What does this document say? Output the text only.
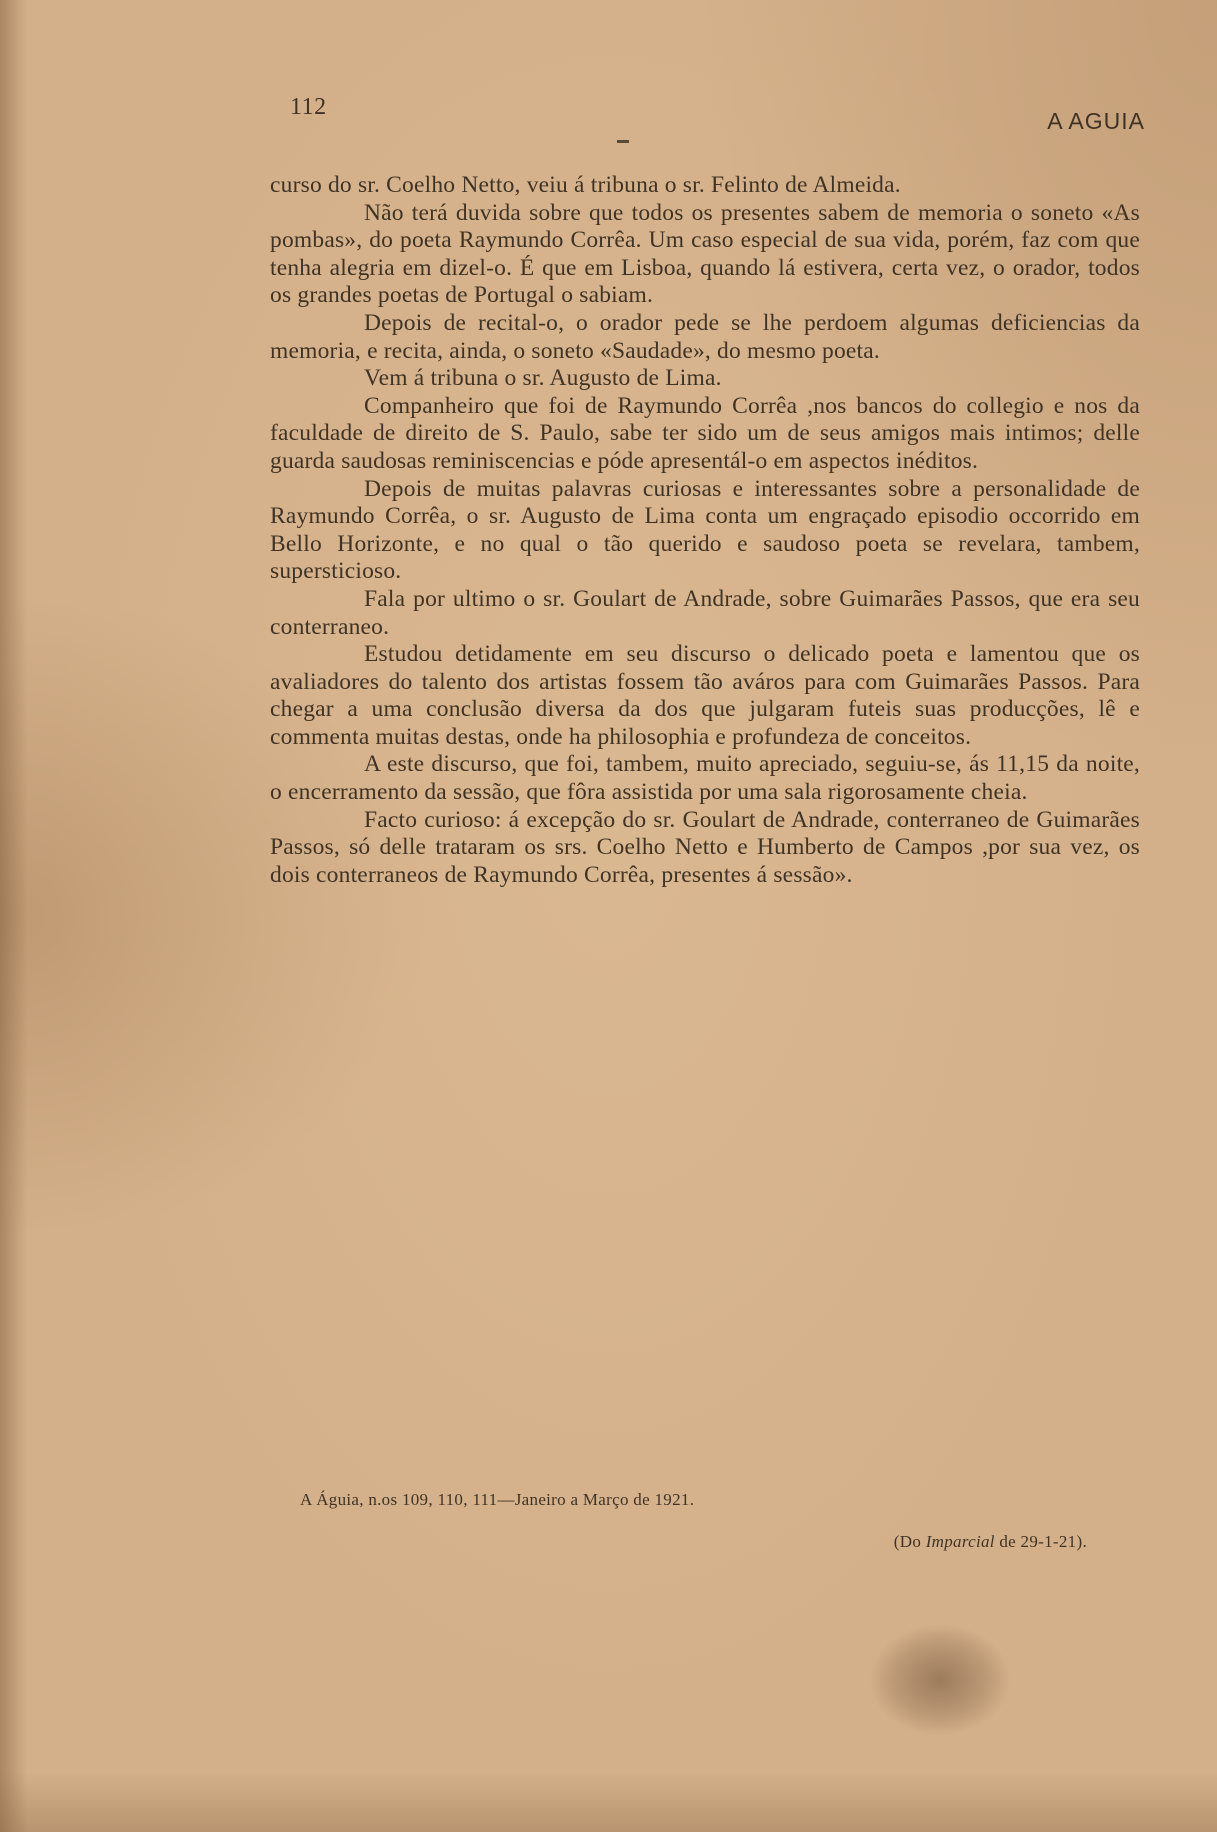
112
A AGUIA

curso do sr. Coelho Netto, veiu á tribuna o sr. Felinto de Almeida.

Não terá duvida sobre que todos os presentes sabem de memoria o soneto «As pombas», do poeta Raymundo Corrêa. Um caso especial de sua vida, porém, faz com que tenha alegria em dizel-o. É que em Lisboa, quando lá estivera, certa vez, o orador, todos os grandes poetas de Portugal o sabiam.

Depois de recital-o, o orador pede se lhe perdoem algumas deficiencias da memoria, e recita, ainda, o soneto «Saudade», do mesmo poeta.

Vem á tribuna o sr. Augusto de Lima.

Companheiro que foi de Raymundo Corrêa ,nos bancos do collegio e nos da faculdade de direito de S. Paulo, sabe ter sido um de seus amigos mais intimos; delle guarda saudosas reminiscencias e póde apresentál-o em aspectos inéditos.

Depois de muitas palavras curiosas e interessantes sobre a personalidade de Raymundo Corrêa, o sr. Augusto de Lima conta um engraçado episodio occorrido em Bello Horizonte, e no qual o tão querido e saudoso poeta se revelara, tambem, supersticioso.

Fala por ultimo o sr. Goulart de Andrade, sobre Guimarães Passos, que era seu conterraneo.

Estudou detidamente em seu discurso o delicado poeta e lamentou que os avaliadores do talento dos artistas fossem tão aváros para com Guimarães Passos. Para chegar a uma conclusão diversa da dos que julgaram futeis suas producções, lê e commenta muitas destas, onde ha philosophia e profundeza de conceitos.

A este discurso, que foi, tambem, muito apreciado, seguiu-se, ás 11,15 da noite, o encerramento da sessão, que fôra assistida por uma sala rigorosamente cheia.

Facto curioso: á excepção do sr. Goulart de Andrade, conterraneo de Guimarães Passos, só delle trataram os srs. Coelho Netto e Humberto de Campos ,por sua vez, os dois conterraneos de Raymundo Corrêa, presentes á sessão».

(Do Imparcial de 29-1-21).
A Águia, n.os 109, 110, 111—Janeiro a Março de 1921.
